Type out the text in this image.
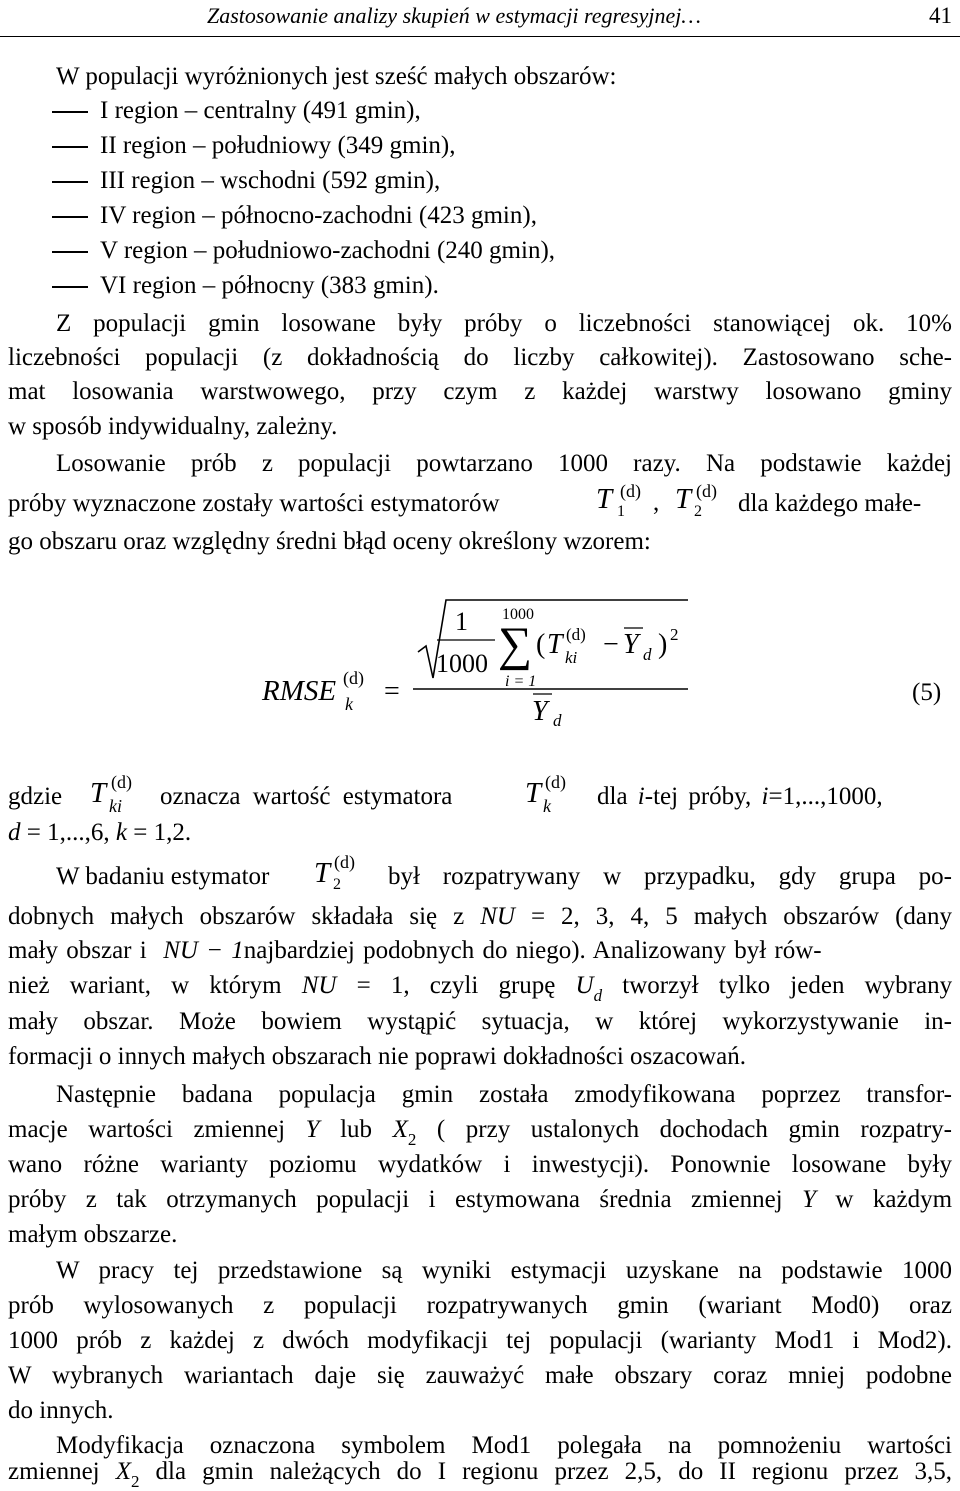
Zastosowanie analizy skupień w estymacji regresyjnej…	41
W populacji wyróżnionych jest sześć małych obszarów:
I region – centralny (491 gmin),
II region – południowy (349 gmin),
III region – wschodni (592 gmin),
IV region – północno-zachodni (423 gmin),
V region – południowo-zachodni (240 gmin),
VI region – północny (383 gmin).
Z populacji gmin losowane były próby o liczebności stanowiącej ok. 10%
liczebności populacji (z dokładnością do liczby całkowitej). Zastosowano sche-
mat losowania warstwowego, przy czym z każdej warstwy losowano gminy
w sposób indywidualny, zależny.
Losowanie prób z populacji powtarzano 1000 razy. Na podstawie każdej
próby wyznaczone zostały wartości estymatorów	T (d)
1 , T (d)
2 dla każdego małe-
go obszaru oraz względny średni błąd oceny określony wzorem:
RMSE (d)
k =
1
1000
1000
∑
i = 1
( T (d)
ki − Y d ) 2
Y d
(5)
gdzie T (d)
ki oznacza wartość estymatora	T (d)
k dla i-tej próby, i=1,...,1000,
d = 1,...,6, k = 1,2.
W badaniu estymator T (d)
2 był rozpatrywany w przypadku, gdy grupa po-
dobnych małych obszarów składała się z NU = 2, 3, 4, 5 małych obszarów (dany
mały obszar i NU − 1najbardziej podobnych do niego). Analizowany był rów-
nież wariant, w którym NU = 1, czyli grupę $U_d$ tworzył tylko jeden wybrany
mały obszar. Może bowiem wystąpić sytuacja, w której wykorzystywanie in-
formacji o innych małych obszarach nie poprawi dokładności oszacowań.
Następnie badana populacja gmin została zmodyfikowana poprzez transfor-
macje wartości zmiennej Y lub $X_2$ ( przy ustalonych dochodach gmin rozpatry-
wano różne warianty poziomu wydatków i inwestycji). Ponownie losowane były
próby z tak otrzymanych populacji i estymowana średnia zmiennej Y w każdym
małym obszarze.
W pracy tej przedstawione są wyniki estymacji uzyskane na podstawie 1000
prób wylosowanych z populacji rozpatrywanych gmin (wariant Mod0) oraz
1000 prób z każdej z dwóch modyfikacji tej populacji (warianty Mod1 i Mod2).
W wybranych wariantach daje się zauważyć małe obszary coraz mniej podobne
do innych.
Modyfikacja oznaczona symbolem Mod1 polegała na pomnożeniu wartości
zmiennej $X_2$ dla gmin należących do I regionu przez 2,5, do II regionu przez 3,5,
